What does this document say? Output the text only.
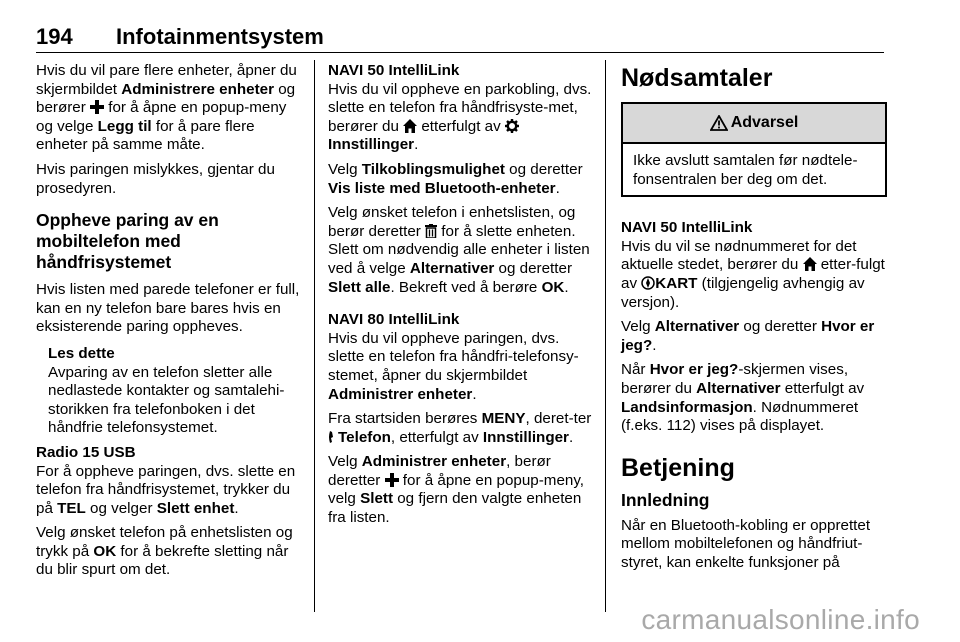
194 Infotainmentsystem

Hvis du vil pare flere enheter, åpner du skjermbildet Administrere enheter og berører  for å åpne en popup-meny og velge Legg til for å pare flere enheter på samme måte.

Hvis paringen mislykkes, gjentar du prosedyren.

Oppheve paring av en mobiltelefon med håndfrisystemet

Hvis listen med parede telefoner er full, kan en ny telefon bare bares hvis en eksisterende paring oppheves.

Les dette
Avparing av en telefon sletter alle nedlastede kontakter og samtalehi-storikken fra telefonboken i det håndfrie telefonsystemet.
Radio 15 USB

For å oppheve paringen, dvs. slette en telefon fra håndfrisystemet, trykker du på TEL og velger Slett enhet.

Velg ønsket telefon på enhetslisten og trykk på OK for å bekrefte sletting når du blir spurt om det.

NAVI 50 IntelliLink

Hvis du vil oppheve en parkobling, dvs. slette en telefon fra håndfrisyste-met, berører du  etterfulgt av Innstillinger.

Velg Tilkoblingsmulighet og deretter Vis liste med Bluetooth-enheter.

Velg ønsket telefon i enhetslisten, og berør deretter  for å slette enheten. Slett om nødvendig alle enheter i listen ved å velge Alternativer og deretter Slett alle. Bekreft ved å berøre OK.

NAVI 80 IntelliLink

Hvis du vil oppheve paringen, dvs. slette en telefon fra håndfri-telefonsy-stemet, åpner du skjermbildet Administrer enheter.

Fra startsiden berøres MENY, deret-ter Telefon, etterfulgt av Innstillinger.

Velg Administrer enheter, berør deretter  for å åpne en popup-meny, velg Slett og fjern den valgte enheten fra listen.

Nødsamtaler
Advarsel
Ikke avslutt samtalen før nødtele-fonsentralen ber deg om det.
NAVI 50 IntelliLink

Hvis du vil se nødnummeret for det aktuelle stedet, berører du  etter-fulgt av KART (tilgjengelig avhengig av versjon).

Velg Alternativer og deretter Hvor er jeg?.

Når Hvor er jeg?-skjermen vises, berører du Alternativer etterfulgt av Landsinformasjon. Nødnummeret (f.eks. 112) vises på displayet.

Betjening
Innledning

Når en Bluetooth-kobling er opprettet mellom mobiltelefonen og håndfriut-styret, kan enkelte funksjoner på

carmanualsonline.info
